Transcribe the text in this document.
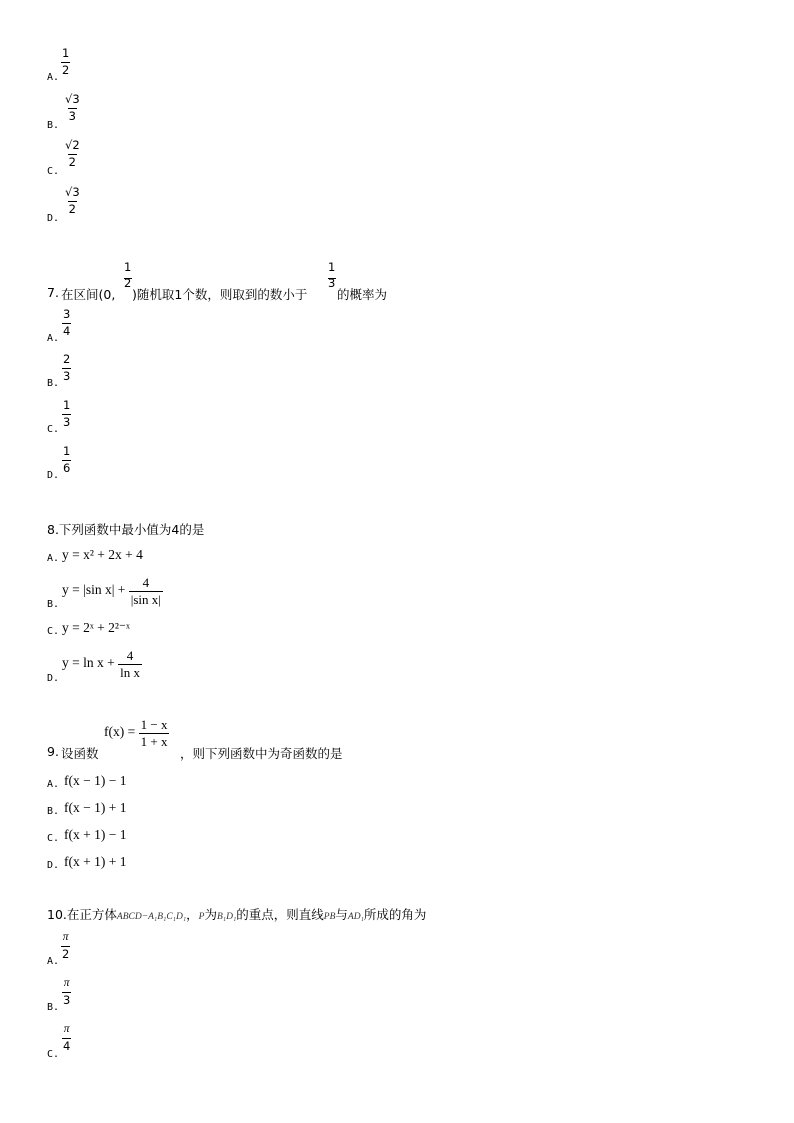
A.
$\frac{1}{2}$
B.
$\frac{√3}{3}$
C.
$\frac{√2}{2}$
D.
$\frac{√3}{2}$
7. 在区间(0,
1
2
)随机取1个数，则取到的数小于
1
3
的概率为
A.
$\frac{3}{4}$
B.
$\frac{2}{3}$
C.
$\frac{1}{3}$
D.
$\frac{1}{6}$
8.下列函数中最小值为4的是
A. y = x² + 2x + 4
B.
y = |sin $x| + \frac{4}{\text{|sin x|}}$
C. y = 2ˣ + 2²⁻ˣ
D.
$y = \ln x + \frac{4}{\text{ln x}}$
9. 设函数
$f(x) = \frac{1 - x}{1 + x}$
，则下列函数中为奇函数的是
A. f(x − 1) − 1
B. f(x − 1) + 1
C. f(x + 1) − 1
D. f(x + 1) + 1
10.在正方体ABCD−A₁B₁C₁D₁，P为B₁D₁的重点，则直线PB与AD₁所成的角为
A.
$\frac{\pi}{2}$
B.
$\frac{\pi}{3}$
C.
$\frac{\pi}{4}$
